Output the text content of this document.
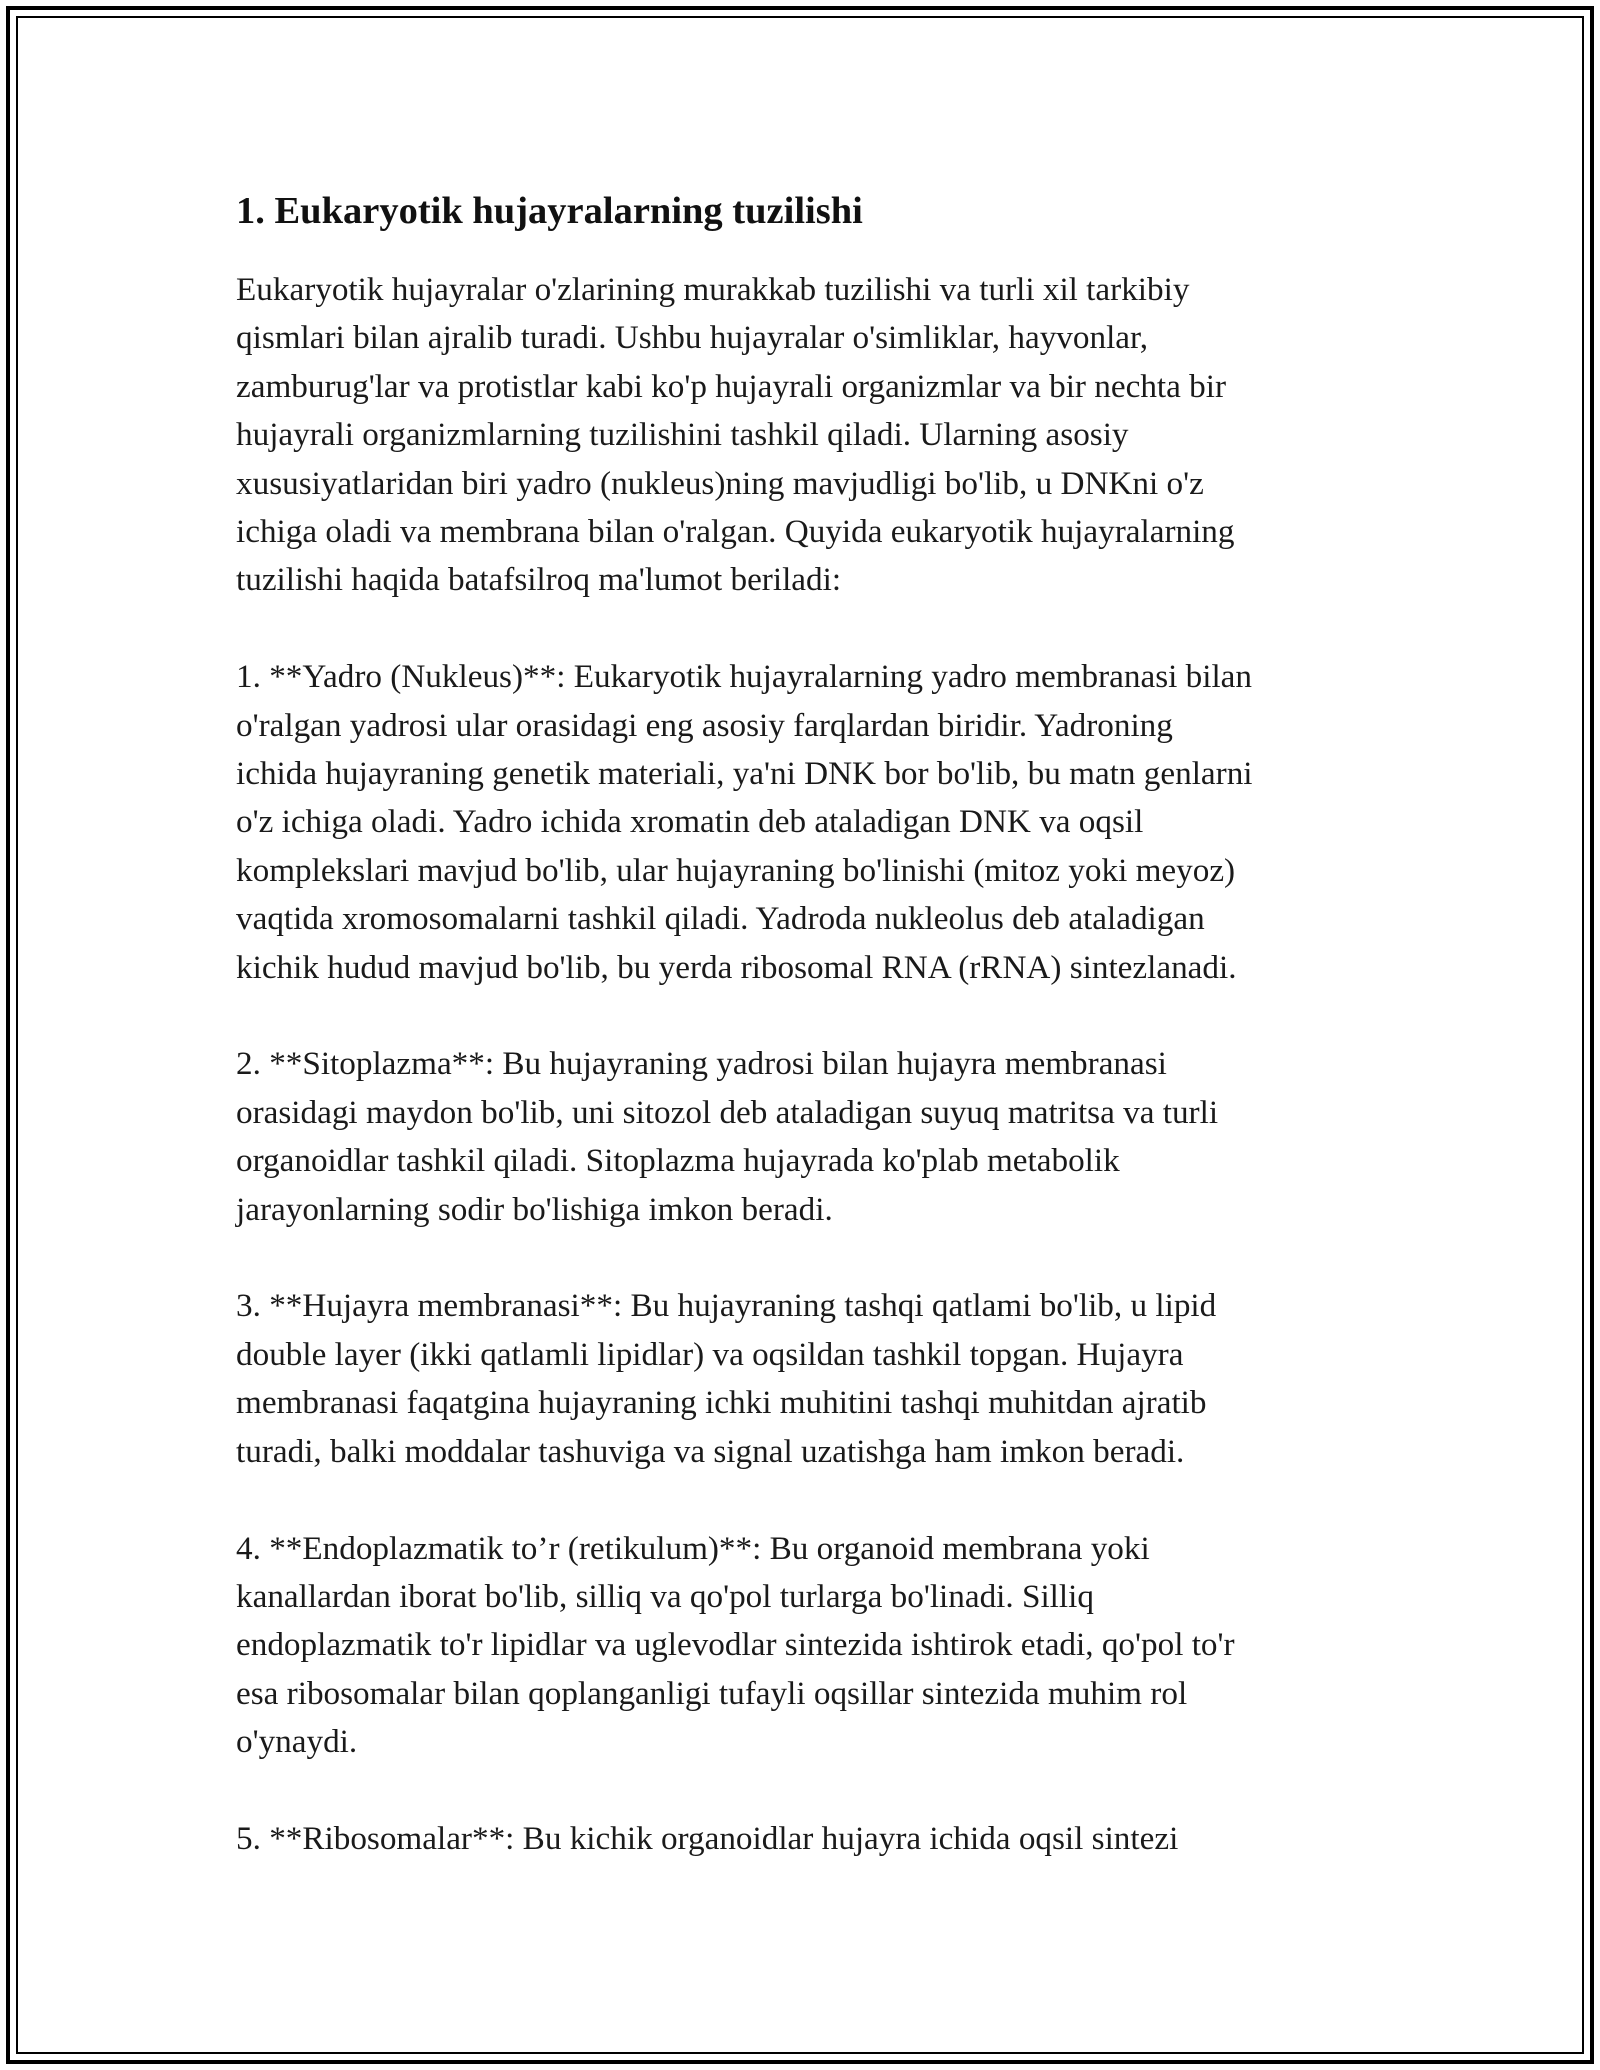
1. Eukaryotik hujayralarning tuzilishi
Eukaryotik hujayralar o'zlarining murakkab tuzilishi va turli xil tarkibiy
qismlari bilan ajralib turadi. Ushbu hujayralar o'simliklar, hayvonlar,
zamburug'lar va protistlar kabi ko'p hujayrali organizmlar va bir nechta bir
hujayrali organizmlarning tuzilishini tashkil qiladi. Ularning asosiy
xususiyatlaridan biri yadro (nukleus)ning mavjudligi bo'lib, u DNKni o'z
ichiga oladi va membrana bilan o'ralgan. Quyida eukaryotik hujayralarning
tuzilishi haqida batafsilroq ma'lumot beriladi:
1. **Yadro (Nukleus)**: Eukaryotik hujayralarning yadro membranasi bilan
o'ralgan yadrosi ular orasidagi eng asosiy farqlardan biridir. Yadroning
ichida hujayraning genetik materiali, ya'ni DNK bor bo'lib, bu matn genlarni
o'z ichiga oladi. Yadro ichida xromatin deb ataladigan DNK va oqsil
komplekslari mavjud bo'lib, ular hujayraning bo'linishi (mitoz yoki meyoz)
vaqtida xromosomalarni tashkil qiladi. Yadroda nukleolus deb ataladigan
kichik hudud mavjud bo'lib, bu yerda ribosomal RNA (rRNA) sintezlanadi.
2. **Sitoplazma**: Bu hujayraning yadrosi bilan hujayra membranasi
orasidagi maydon bo'lib, uni sitozol deb ataladigan suyuq matritsa va turli
organoidlar tashkil qiladi. Sitoplazma hujayrada ko'plab metabolik
jarayonlarning sodir bo'lishiga imkon beradi.
3. **Hujayra membranasi**: Bu hujayraning tashqi qatlami bo'lib, u lipid
double layer (ikki qatlamli lipidlar) va oqsildan tashkil topgan. Hujayra
membranasi faqatgina hujayraning ichki muhitini tashqi muhitdan ajratib
turadi, balki moddalar tashuviga va signal uzatishga ham imkon beradi.
4. **Endoplazmatik to’r (retikulum)**: Bu organoid membrana yoki
kanallardan iborat bo'lib, silliq va qo'pol turlarga bo'linadi. Silliq
endoplazmatik to'r lipidlar va uglevodlar sintezida ishtirok etadi, qo'pol to'r
esa ribosomalar bilan qoplanganligi tufayli oqsillar sintezida muhim rol
o'ynaydi.
5. **Ribosomalar**: Bu kichik organoidlar hujayra ichida oqsil sintezi
